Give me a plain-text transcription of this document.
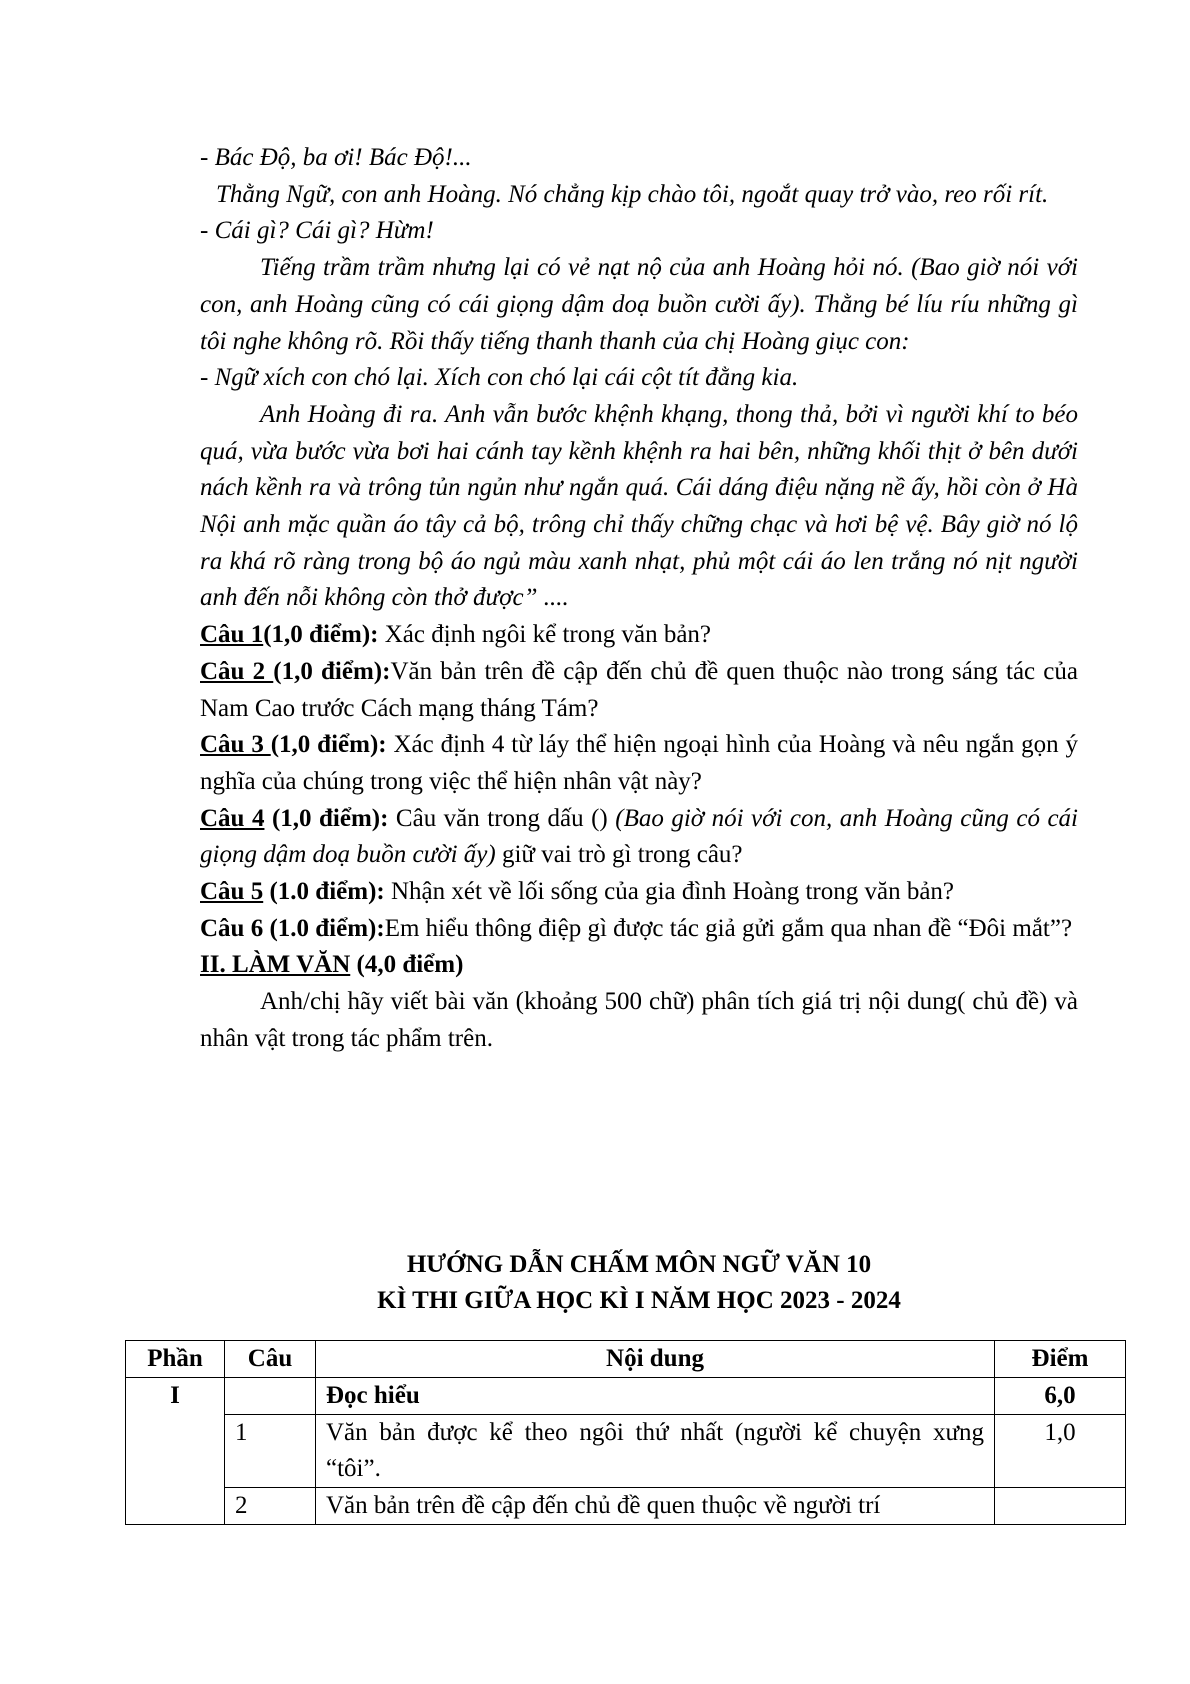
- Bác Độ, ba ơi! Bác Độ!...

Thằng Ngữ, con anh Hoàng. Nó chẳng kịp chào tôi, ngoắt quay trở vào, reo rối rít.

- Cái gì? Cái gì? Hừm!

Tiếng trầm trầm nhưng lại có vẻ nạt nộ của anh Hoàng hỏi nó. (Bao giờ nói với con, anh Hoàng cũng có cái giọng dậm doạ buồn cười ấy). Thằng bé líu ríu những gì tôi nghe không rõ. Rồi thấy tiếng thanh thanh của chị Hoàng giục con:

- Ngữ xích con chó lại. Xích con chó lại cái cột tít đằng kia.

Anh Hoàng đi ra. Anh vẫn bước khệnh khạng, thong thả, bởi vì người khí to béo quá, vừa bước vừa bơi hai cánh tay kềnh khệnh ra hai bên, những khối thịt ở bên dưới nách kềnh ra và trông tủn ngủn như ngắn quá. Cái dáng điệu nặng nề ấy, hồi còn ở Hà Nội anh mặc quần áo tây cả bộ, trông chỉ thấy chững chạc và hơi bệ vệ. Bây giờ nó lộ ra khá rõ ràng trong bộ áo ngủ màu xanh nhạt, phủ một cái áo len trắng nó nịt người anh đến nỗi không còn thở được” ....

Câu 1(1,0 điểm): Xác định ngôi kể trong văn bản?

Câu 2 (1,0 điểm):Văn bản trên đề cập đến chủ đề quen thuộc nào trong sáng tác của Nam Cao trước Cách mạng tháng Tám?

Câu 3 (1,0 điểm): Xác định 4 từ láy thể hiện ngoại hình của Hoàng và nêu ngắn gọn ý nghĩa của chúng trong việc thể hiện nhân vật này?

Câu 4 (1,0 điểm): Câu văn trong dấu () (Bao giờ nói với con, anh Hoàng cũng có cái giọng dậm doạ buồn cười ấy) giữ vai trò gì trong câu?

Câu 5 (1.0 điểm): Nhận xét về lối sống của gia đình Hoàng trong văn bản?

Câu 6 (1.0 điểm):Em hiểu thông điệp gì được tác giả gửi gắm qua nhan đề “Đôi mắt”?

II. LÀM VĂN (4,0 điểm)

Anh/chị hãy viết bài văn (khoảng 500 chữ) phân tích giá trị nội dung( chủ đề) và nhân vật trong tác phẩm trên.

HƯỚNG DẪN CHẤM MÔN NGỮ VĂN 10
KÌ THI GIỮA HỌC KÌ I NĂM HỌC 2023 - 2024
Phần	Câu	Nội dung	Điểm
I		Đọc hiểu	6,0
	1	Văn bản được kể theo ngôi thứ nhất (người kể chuyện xưng “tôi”.	1,0
	2	Văn bản trên đề cập đến chủ đề quen thuộc về người trí	
